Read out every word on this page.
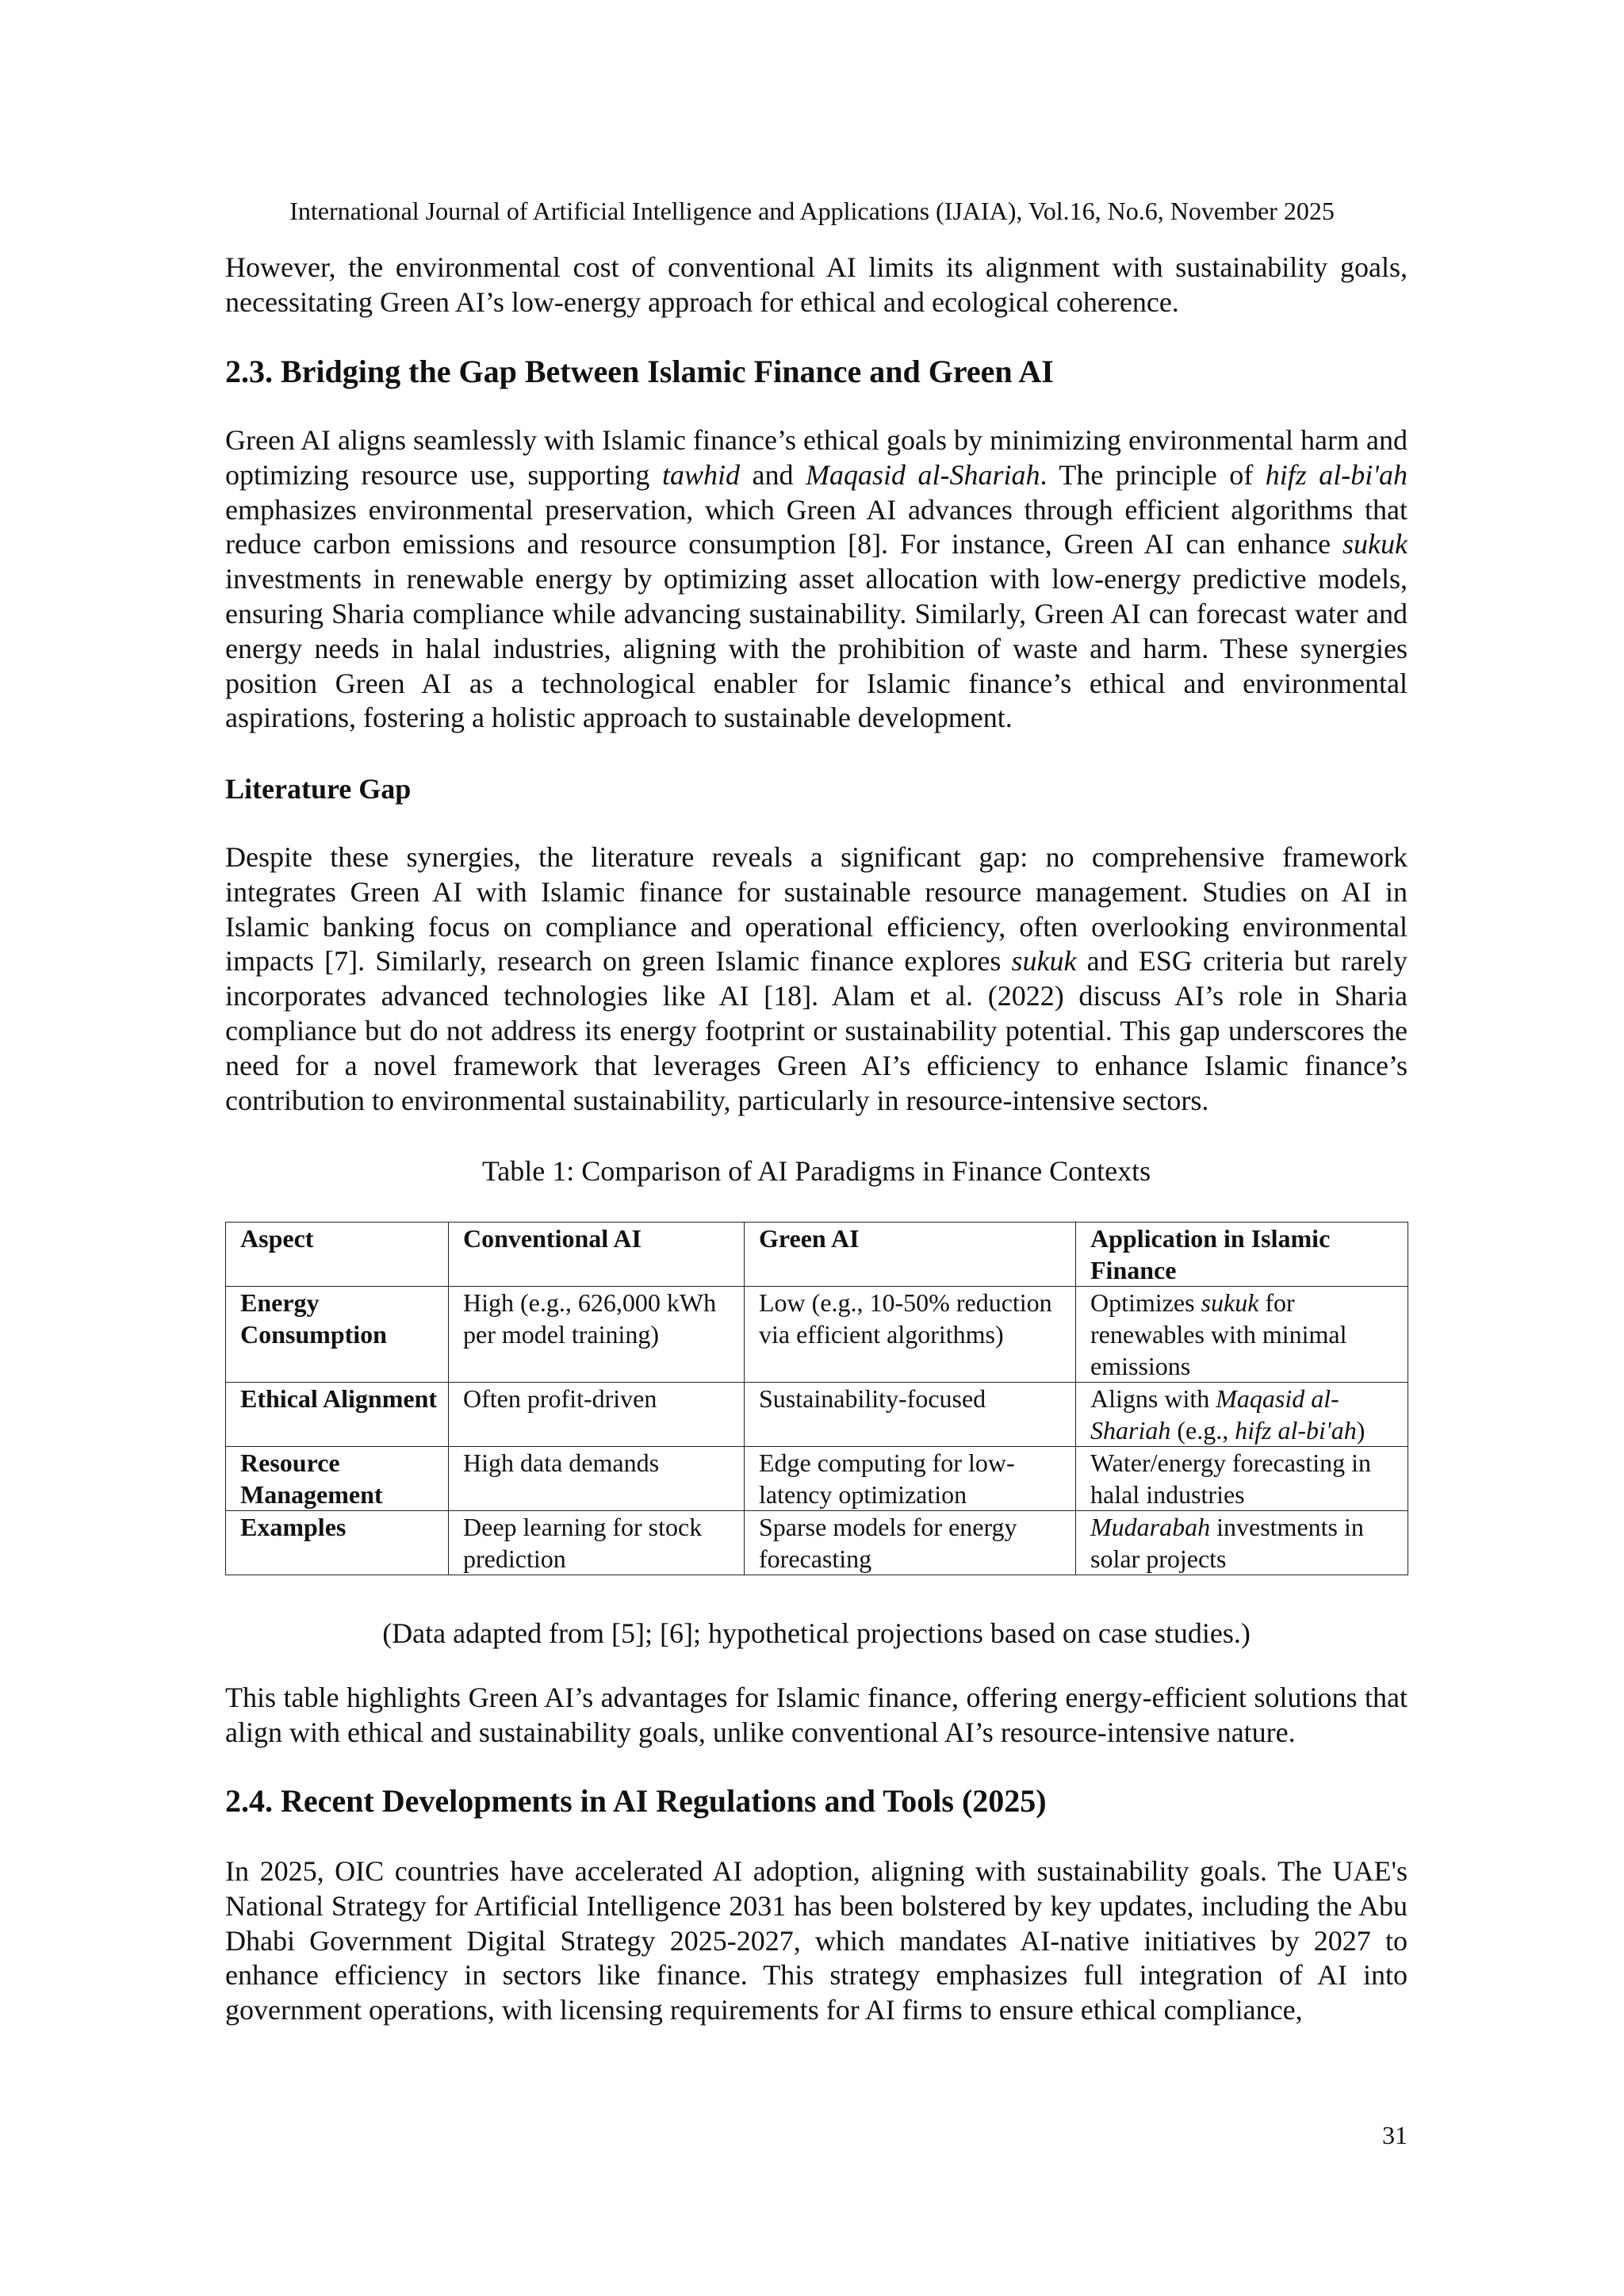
International Journal of Artificial Intelligence and Applications (IJAIA), Vol.16, No.6, November 2025

However, the environmental cost of conventional AI limits its alignment with sustainability goals, necessitating Green AI’s low-energy approach for ethical and ecological coherence.

2.3. Bridging the Gap Between Islamic Finance and Green AI

Green AI aligns seamlessly with Islamic finance’s ethical goals by minimizing environmental harm and optimizing resource use, supporting tawhid and Maqasid al-Shariah. The principle of hifz al-bi'ah emphasizes environmental preservation, which Green AI advances through efficient algorithms that reduce carbon emissions and resource consumption [8]. For instance, Green AI can enhance sukuk investments in renewable energy by optimizing asset allocation with low-energy predictive models, ensuring Sharia compliance while advancing sustainability. Similarly, Green AI can forecast water and energy needs in halal industries, aligning with the prohibition of waste and harm. These synergies position Green AI as a technological enabler for Islamic finance’s ethical and environmental aspirations, fostering a holistic approach to sustainable development.

Literature Gap

Despite these synergies, the literature reveals a significant gap: no comprehensive framework integrates Green AI with Islamic finance for sustainable resource management. Studies on AI in Islamic banking focus on compliance and operational efficiency, often overlooking environmental impacts [7]. Similarly, research on green Islamic finance explores sukuk and ESG criteria but rarely incorporates advanced technologies like AI [18]. Alam et al. (2022) discuss AI’s role in Sharia compliance but do not address its energy footprint or sustainability potential. This gap underscores the need for a novel framework that leverages Green AI’s efficiency to enhance Islamic finance’s contribution to environmental sustainability, particularly in resource-intensive sectors.

Table 1: Comparison of AI Paradigms in Finance Contexts
Aspect	Conventional AI	Green AI	Application in Islamic Finance
Energy Consumption	High (e.g., 626,000 kWh per model training)	Low (e.g., 10-50% reduction via efficient algorithms)	Optimizes sukuk for renewables with minimal emissions
Ethical Alignment	Often profit-driven	Sustainability-focused	Aligns with Maqasid al-Shariah (e.g., hifz al-bi'ah)
Resource Management	High data demands	Edge computing for low-latency optimization	Water/energy forecasting in halal industries
Examples	Deep learning for stock prediction	Sparse models for energy forecasting	Mudarabah investments in solar projects
(Data adapted from [5]; [6]; hypothetical projections based on case studies.)

This table highlights Green AI’s advantages for Islamic finance, offering energy-efficient solutions that align with ethical and sustainability goals, unlike conventional AI’s resource-intensive nature.

2.4. Recent Developments in AI Regulations and Tools (2025)

In 2025, OIC countries have accelerated AI adoption, aligning with sustainability goals. The UAE's National Strategy for Artificial Intelligence 2031 has been bolstered by key updates, including the Abu Dhabi Government Digital Strategy 2025-2027, which mandates AI-native initiatives by 2027 to enhance efficiency in sectors like finance. This strategy emphasizes full integration of AI into government operations, with licensing requirements for AI firms to ensure ethical compliance,

31
